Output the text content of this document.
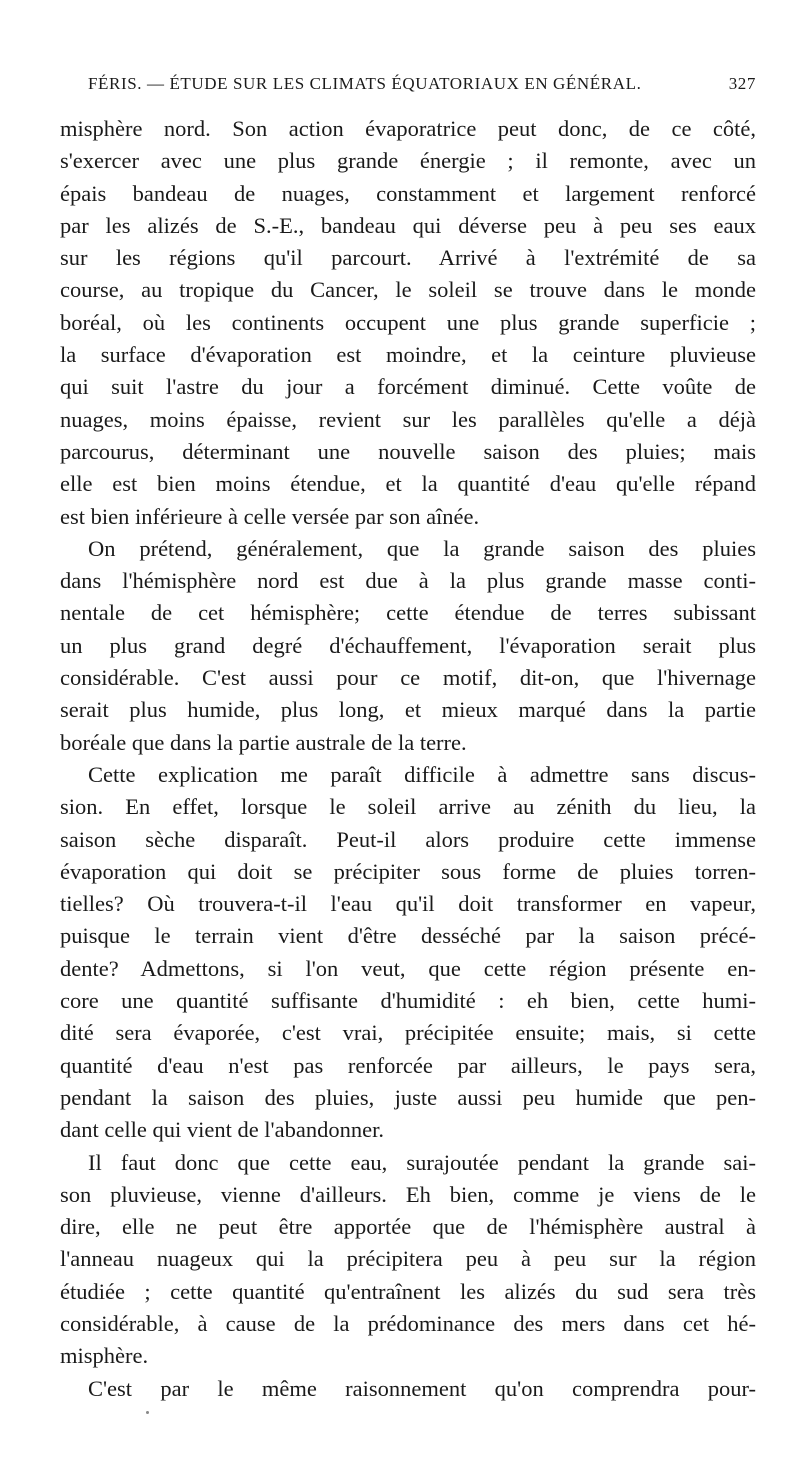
FÉRIS. — ÉTUDE SUR LES CLIMATS ÉQUATORIAUX EN GÉNÉRAL.	327
misphère nord. Son action évaporatrice peut donc, de ce côté,
s'exercer avec une plus grande énergie ; il remonte, avec un
épais bandeau de nuages, constamment et largement renforcé
par les alizés de S.-E., bandeau qui déverse peu à peu ses eaux
sur les régions qu'il parcourt. Arrivé à l'extrémité de sa
course, au tropique du Cancer, le soleil se trouve dans le monde
boréal, où les continents occupent une plus grande superficie ;
la surface d'évaporation est moindre, et la ceinture pluvieuse
qui suit l'astre du jour a forcément diminué. Cette voûte de
nuages, moins épaisse, revient sur les parallèles qu'elle a déjà
parcourus, déterminant une nouvelle saison des pluies; mais
elle est bien moins étendue, et la quantité d'eau qu'elle répand
est bien inférieure à celle versée par son aînée.
On prétend, généralement, que la grande saison des pluies
dans l'hémisphère nord est due à la plus grande masse conti-
nentale de cet hémisphère; cette étendue de terres subissant
un plus grand degré d'échauffement, l'évaporation serait plus
considérable. C'est aussi pour ce motif, dit-on, que l'hivernage
serait plus humide, plus long, et mieux marqué dans la partie
boréale que dans la partie australe de la terre.
Cette explication me paraît difficile à admettre sans discus-
sion. En effet, lorsque le soleil arrive au zénith du lieu, la
saison sèche disparaît. Peut-il alors produire cette immense
évaporation qui doit se précipiter sous forme de pluies torren-
tielles? Où trouvera-t-il l'eau qu'il doit transformer en vapeur,
puisque le terrain vient d'être desséché par la saison précé-
dente? Admettons, si l'on veut, que cette région présente en-
core une quantité suffisante d'humidité : eh bien, cette humi-
dité sera évaporée, c'est vrai, précipitée ensuite; mais, si cette
quantité d'eau n'est pas renforcée par ailleurs, le pays sera,
pendant la saison des pluies, juste aussi peu humide que pen-
dant celle qui vient de l'abandonner.
Il faut donc que cette eau, surajoutée pendant la grande sai-
son pluvieuse, vienne d'ailleurs. Eh bien, comme je viens de le
dire, elle ne peut être apportée que de l'hémisphère austral à
l'anneau nuageux qui la précipitera peu à peu sur la région
étudiée ; cette quantité qu'entraînent les alizés du sud sera très
considérable, à cause de la prédominance des mers dans cet hé-
misphère.
C'est par le même raisonnement qu'on comprendra pour-
